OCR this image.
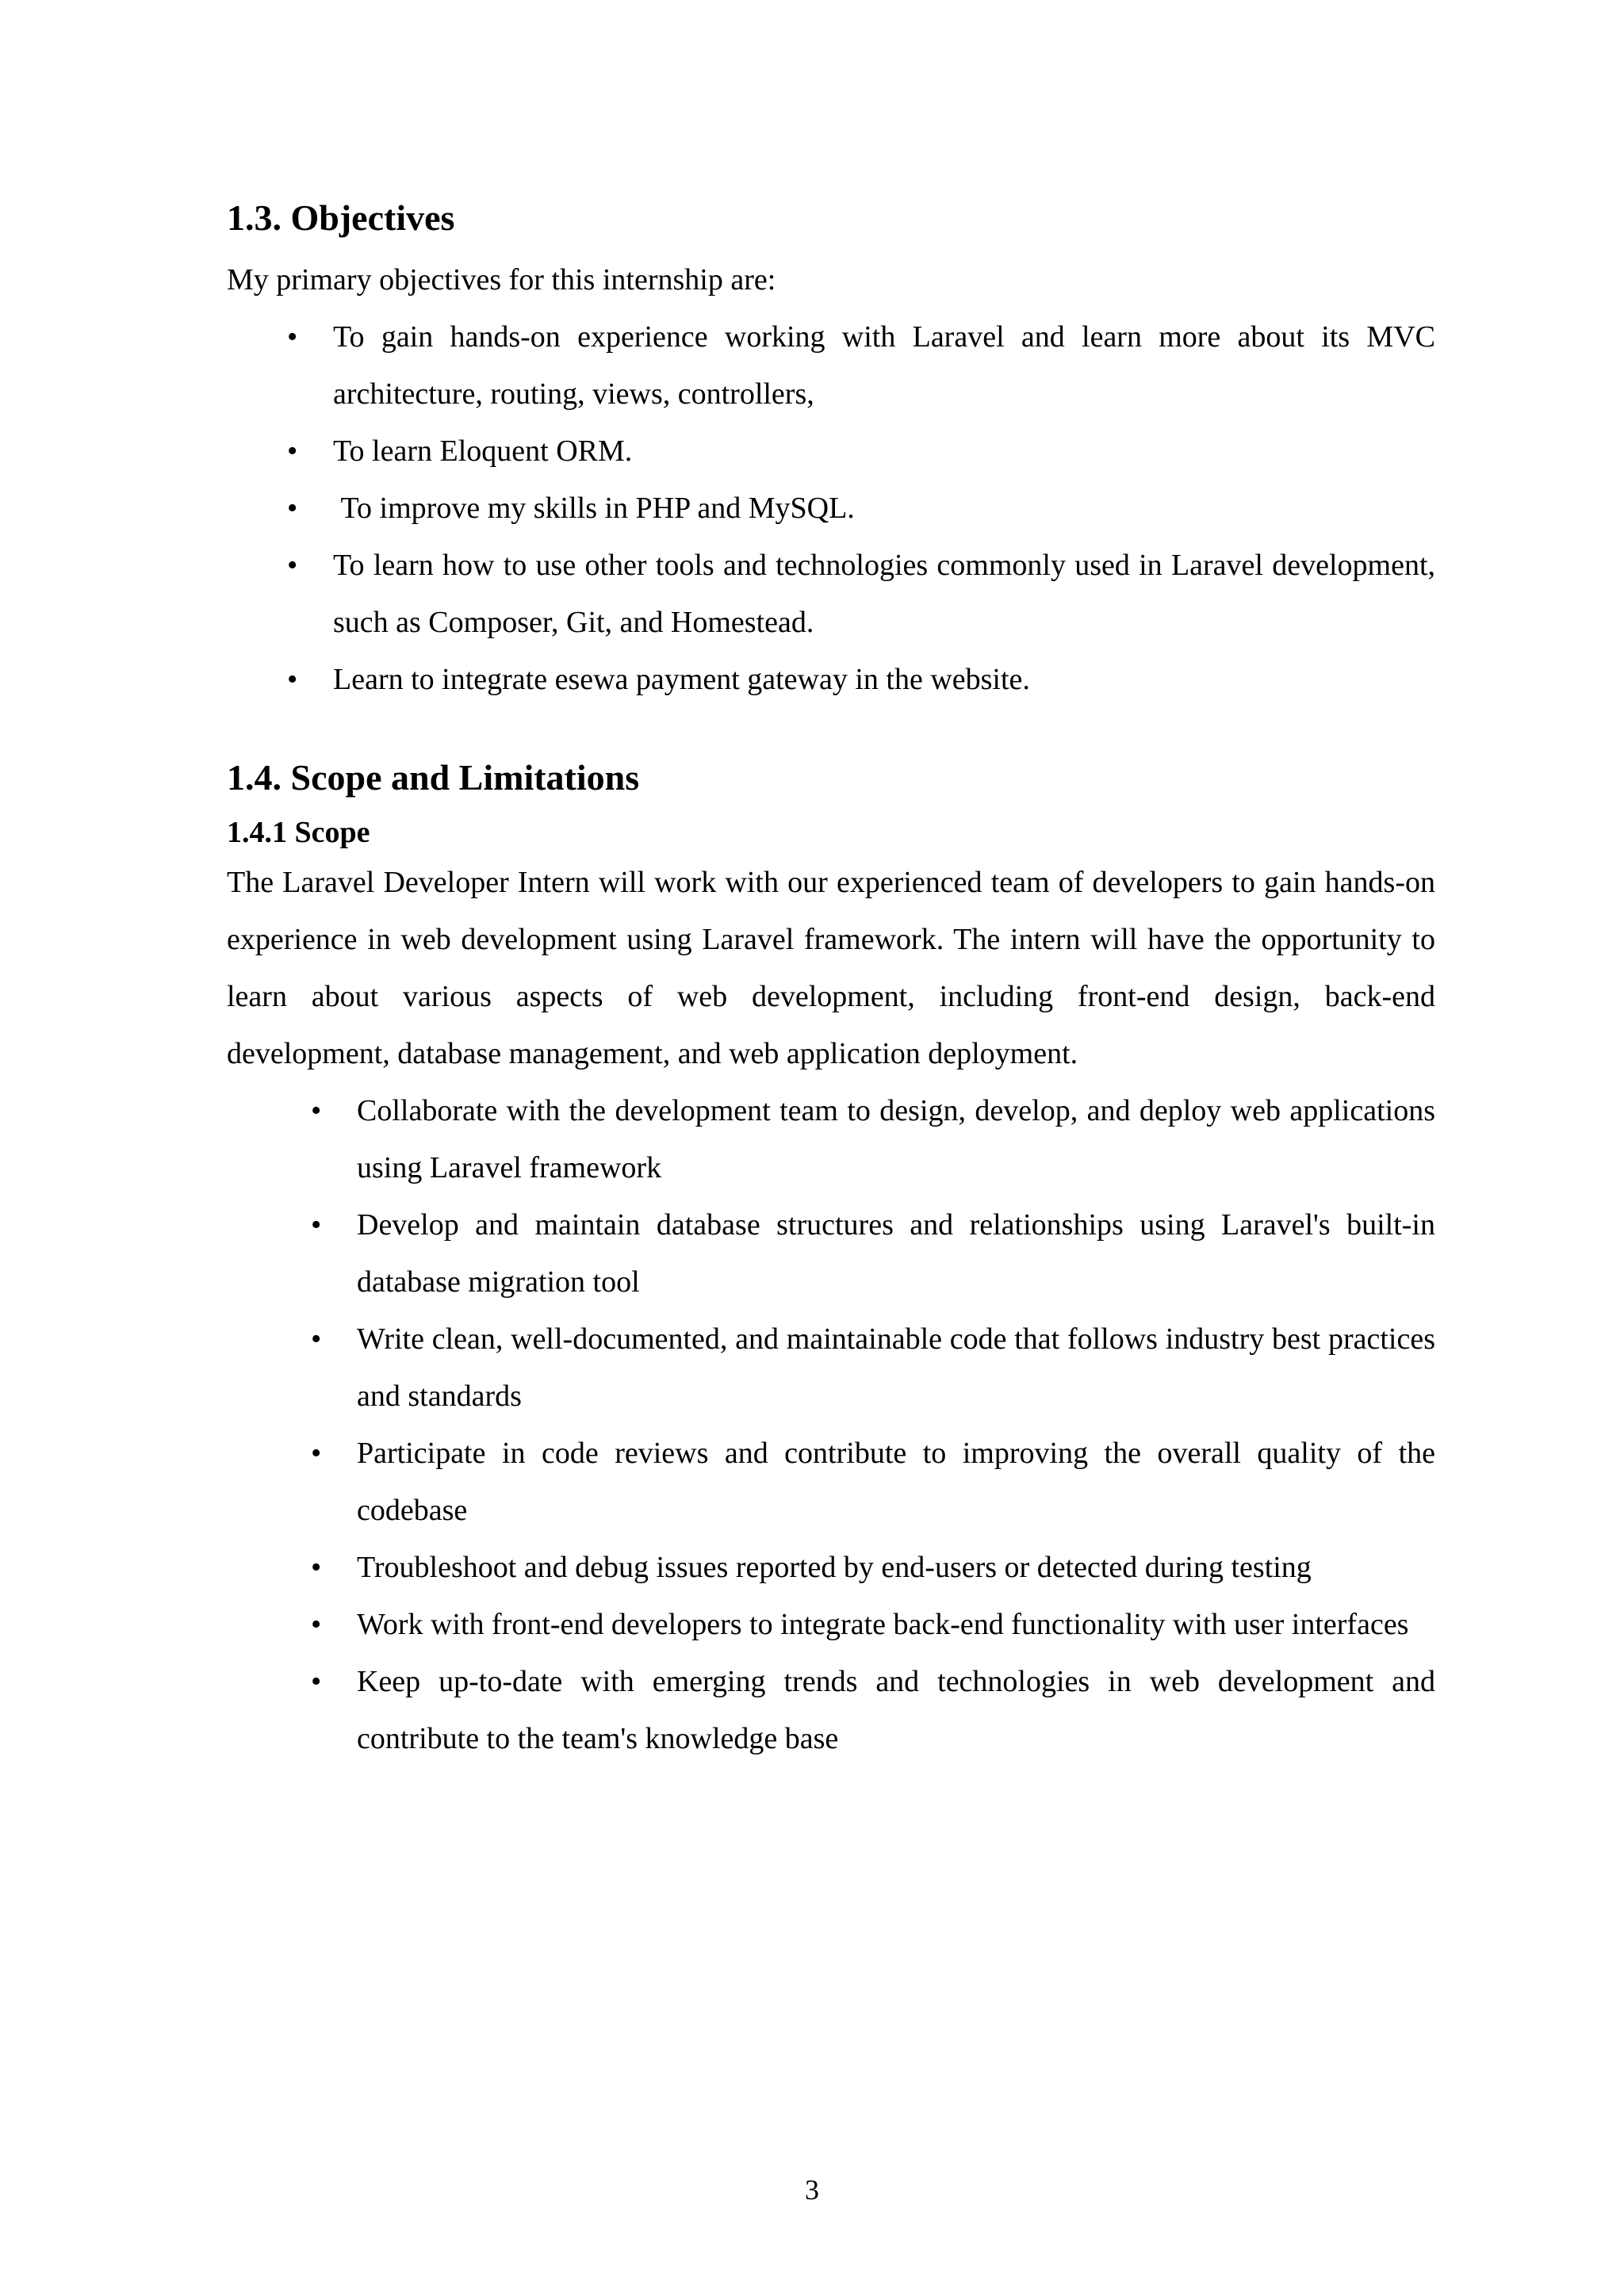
1.3. Objectives

My primary objectives for this internship are:

• To gain hands-on experience working with Laravel and learn more about its MVC architecture, routing, views, controllers,
• To learn Eloquent ORM.
• To improve my skills in PHP and MySQL.
• To learn how to use other tools and technologies commonly used in Laravel development, such as Composer, Git, and Homestead.
• Learn to integrate esewa payment gateway in the website.
1.4. Scope and Limitations
1.4.1 Scope

The Laravel Developer Intern will work with our experienced team of developers to gain hands-on experience in web development using Laravel framework. The intern will have the opportunity to learn about various aspects of web development, including front-end design, back-end development, database management, and web application deployment.

• Collaborate with the development team to design, develop, and deploy web applications using Laravel framework
• Develop and maintain database structures and relationships using Laravel's built-in database migration tool
• Write clean, well-documented, and maintainable code that follows industry best practices and standards
• Participate in code reviews and contribute to improving the overall quality of the codebase
• Troubleshoot and debug issues reported by end-users or detected during testing
• Work with front-end developers to integrate back-end functionality with user interfaces
• Keep up-to-date with emerging trends and technologies in web development and contribute to the team's knowledge base
3
